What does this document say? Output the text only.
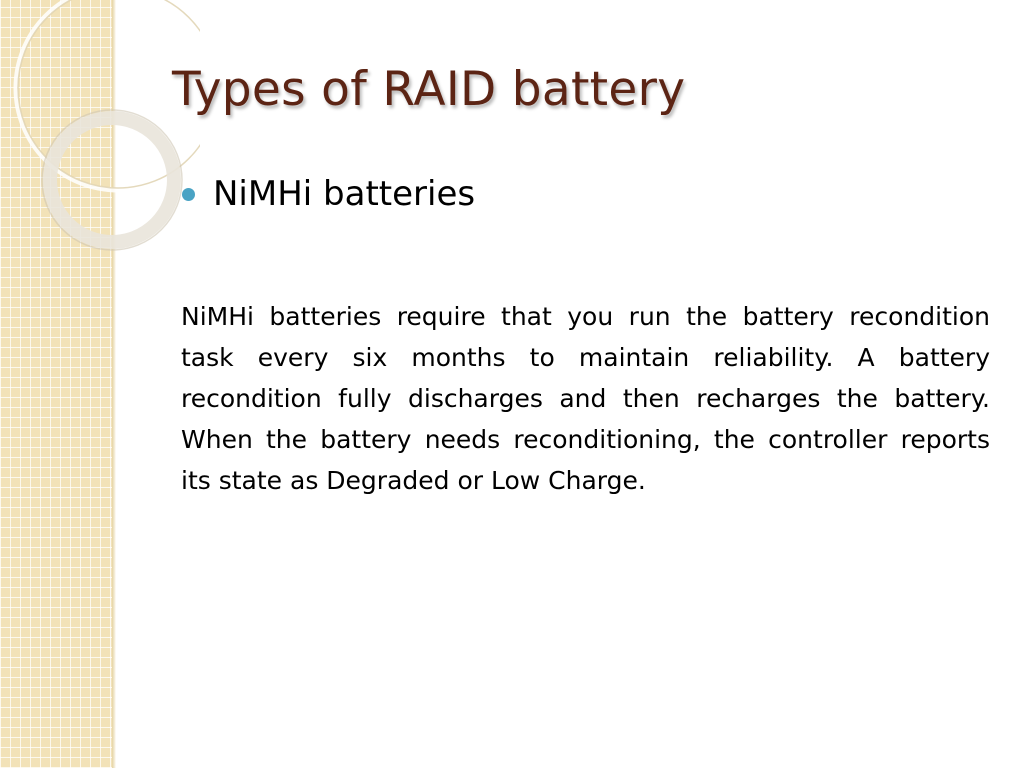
Types of RAID battery
NiMHi batteries

NiMHi batteries require that you run the battery recondition task every six months to maintain reliability. A battery recondition fully discharges and then recharges the battery. When the battery needs reconditioning, the controller reports its state as Degraded or Low Charge.
